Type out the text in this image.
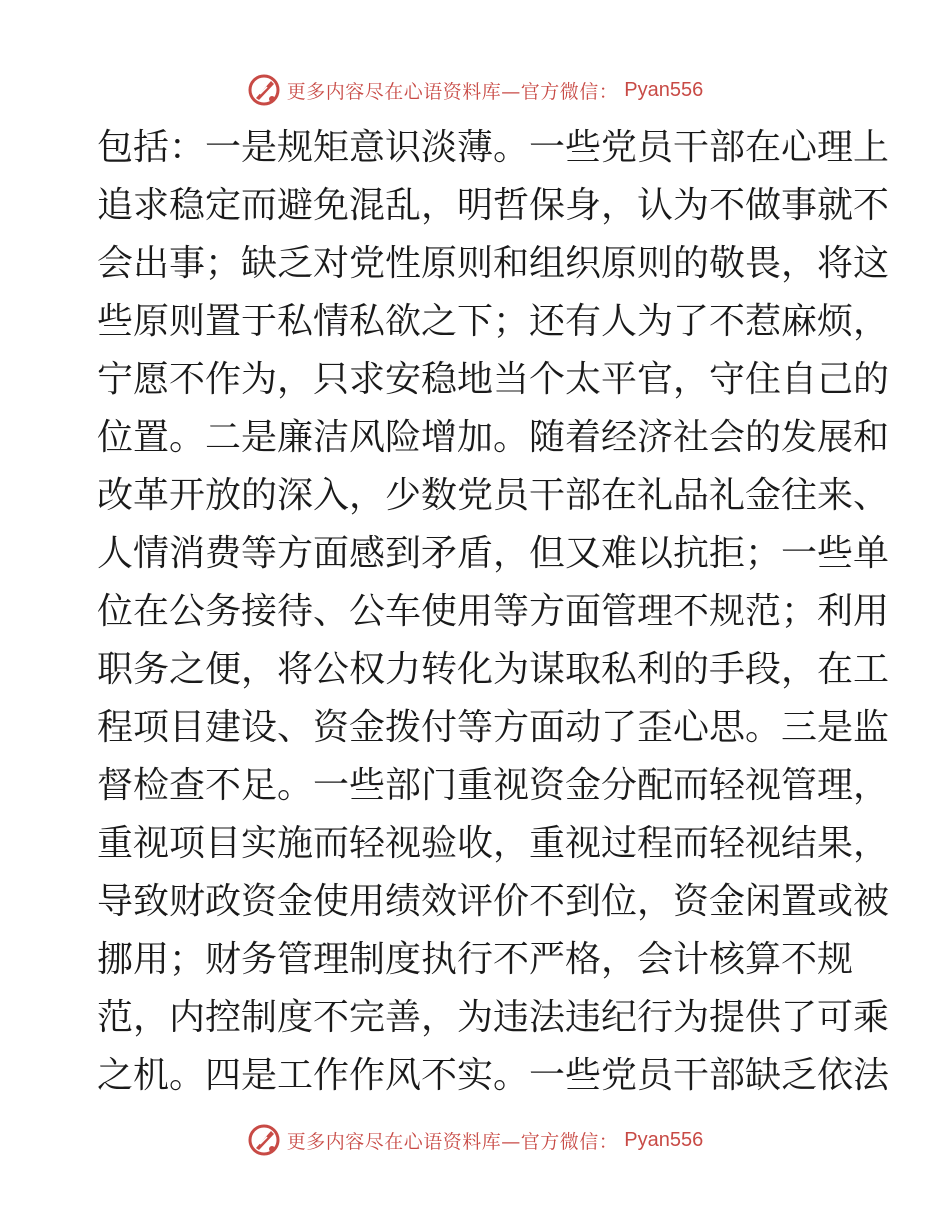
更多内容尽在心语资料库—官方微信： Pyan556
包括：一是规矩意识淡薄。一些党员干部在心理上
追求稳定而避免混乱，明哲保身，认为不做事就不
会出事；缺乏对党性原则和组织原则的敬畏，将这
些原则置于私情私欲之下；还有人为了不惹麻烦，
宁愿不作为，只求安稳地当个太平官，守住自己的
位置。二是廉洁风险增加。随着经济社会的发展和
改革开放的深入，少数党员干部在礼品礼金往来、
人情消费等方面感到矛盾，但又难以抗拒；一些单
位在公务接待、公车使用等方面管理不规范；利用
职务之便，将公权力转化为谋取私利的手段，在工
程项目建设、资金拨付等方面动了歪心思。三是监
督检查不足。一些部门重视资金分配而轻视管理，
重视项目实施而轻视验收，重视过程而轻视结果，
导致财政资金使用绩效评价不到位，资金闲置或被
挪用；财务管理制度执行不严格，会计核算不规
范，内控制度不完善，为违法违纪行为提供了可乘
之机。四是工作作风不实。一些党员干部缺乏依法
更多内容尽在心语资料库—官方微信： Pyan556
